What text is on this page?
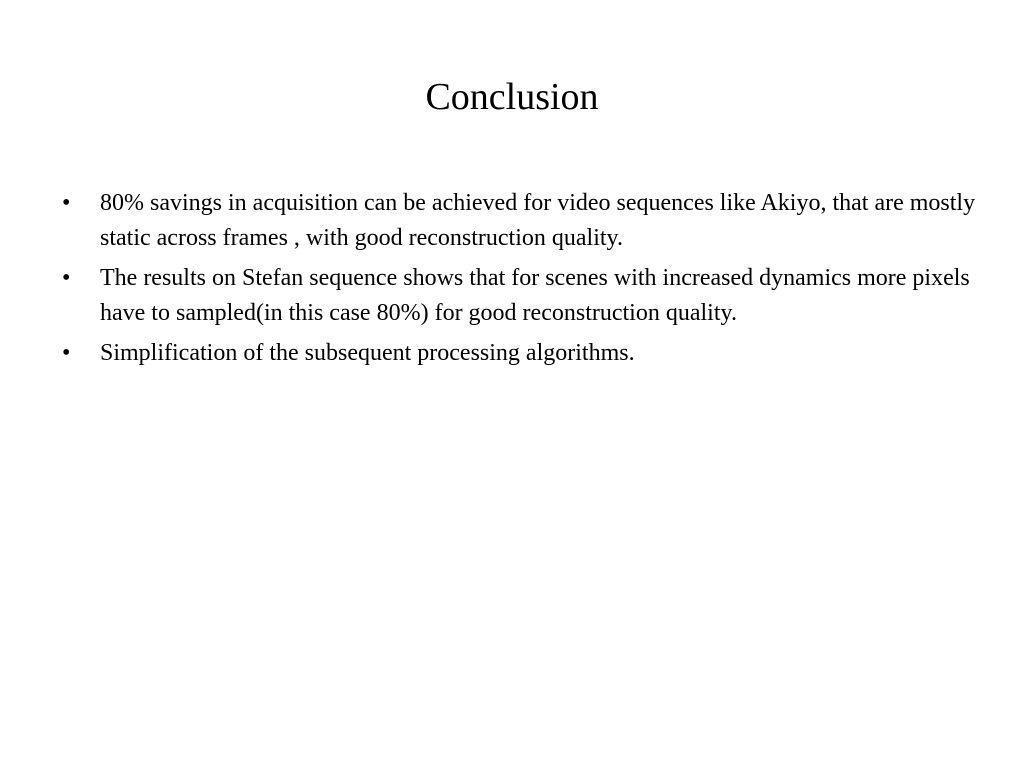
Conclusion
•	80% savings in acquisition can be achieved for video sequences like Akiyo, that are mostly static across frames , with good reconstruction quality.
•	The results on Stefan sequence shows that for scenes with increased dynamics more pixels have to sampled(in this case 80%) for good reconstruction quality.
•	Simplification of the subsequent processing algorithms.
